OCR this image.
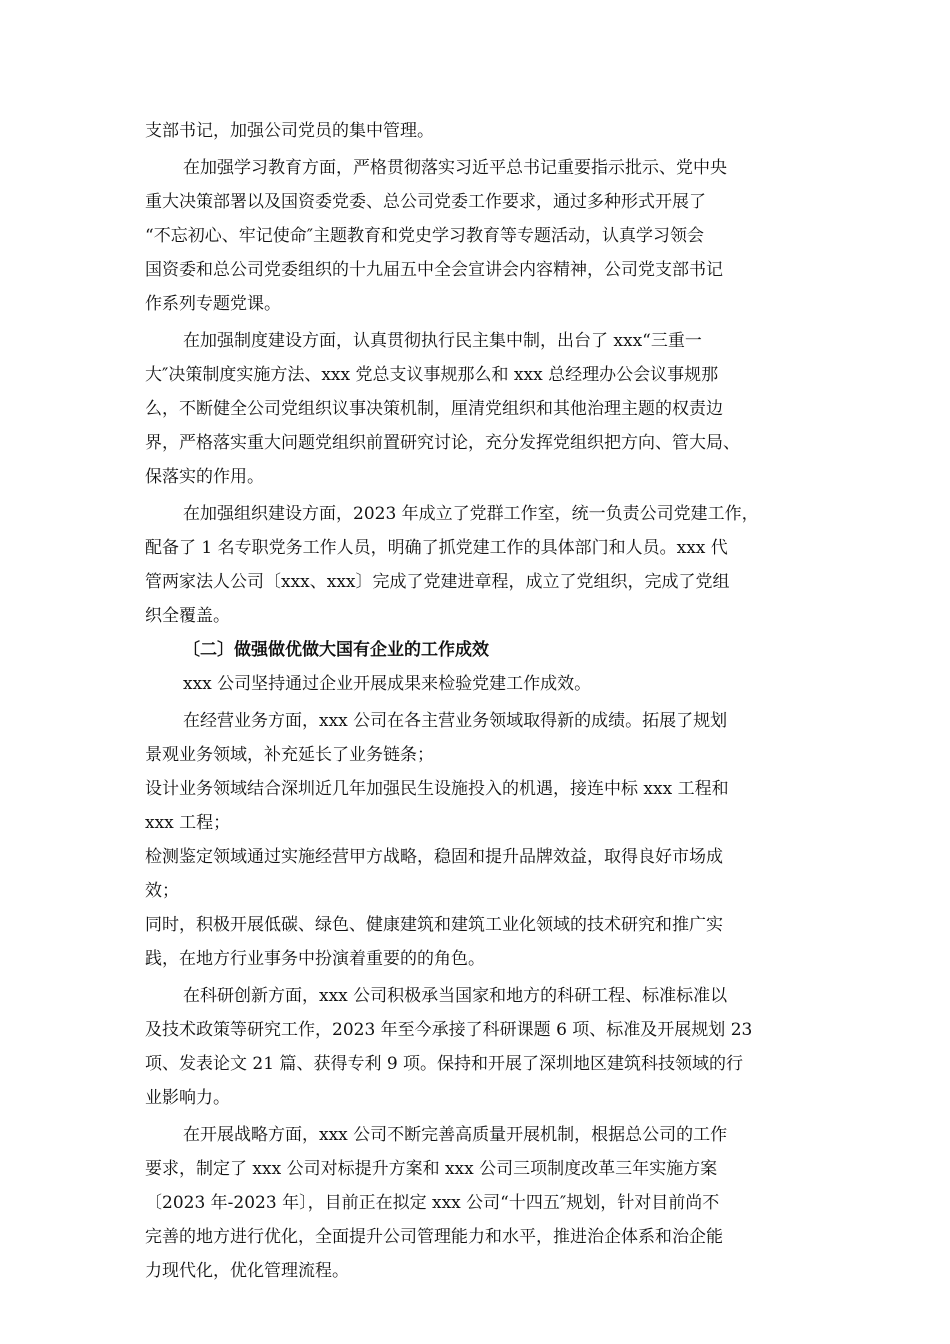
支部书记，加强公司党员的集中管理。
在加强学习教育方面，严格贯彻落实习近平总书记重要指示批示、党中央
重大决策部署以及国资委党委、总公司党委工作要求，通过多种形式开展了
“不忘初心、牢记使命″主题教育和党史学习教育等专题活动，认真学习领会
国资委和总公司党委组织的十九届五中全会宣讲会内容精神，公司党支部书记
作系列专题党课。
在加强制度建设方面，认真贯彻执行民主集中制，出台了 xxx“三重一
大″决策制度实施方法、xxx 党总支议事规那么和 xxx 总经理办公会议事规那
么，不断健全公司党组织议事决策机制，厘清党组织和其他治理主题的权责边
界，严格落实重大问题党组织前置研究讨论，充分发挥党组织把方向、管大局、
保落实的作用。
在加强组织建设方面，2023 年成立了党群工作室，统一负责公司党建工作，
配备了 1 名专职党务工作人员，明确了抓党建工作的具体部门和人员。xxx 代
管两家法人公司〔xxx、xxx〕完成了党建进章程，成立了党组织，完成了党组
织全覆盖。
〔二〕做强做优做大国有企业的工作成效
xxx 公司坚持通过企业开展成果来检验党建工作成效。
在经营业务方面，xxx 公司在各主营业务领域取得新的成绩。拓展了规划
景观业务领域，补充延长了业务链条；
设计业务领域结合深圳近几年加强民生设施投入的机遇，接连中标 xxx 工程和
xxx 工程；
检测鉴定领域通过实施经营甲方战略，稳固和提升品牌效益，取得良好市场成
效；
同时，积极开展低碳、绿色、健康建筑和建筑工业化领域的技术研究和推广实
践，在地方行业事务中扮演着重要的的角色。
在科研创新方面，xxx 公司积极承当国家和地方的科研工程、标准标准以
及技术政策等研究工作，2023 年至今承接了科研课题 6 项、标准及开展规划 23
项、发表论文 21 篇、获得专利 9 项。保持和开展了深圳地区建筑科技领域的行
业影响力。
在开展战略方面，xxx 公司不断完善高质量开展机制，根据总公司的工作
要求，制定了 xxx 公司对标提升方案和 xxx 公司三项制度改革三年实施方案
〔2023 年-2023 年〕，目前正在拟定 xxx 公司“十四五″规划，针对目前尚不
完善的地方进行优化，全面提升公司管理能力和水平，推进治企体系和治企能
力现代化，优化管理流程。
